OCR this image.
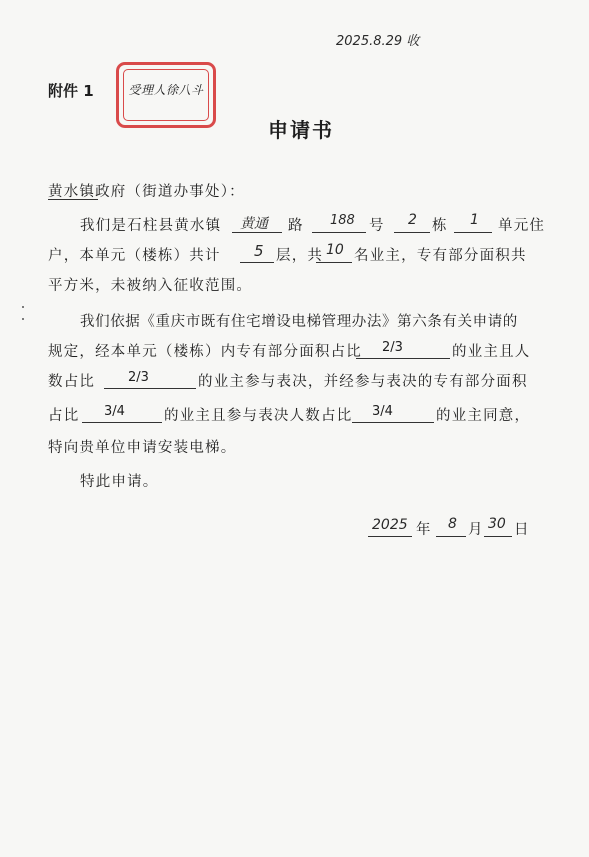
2025.8.29 收
附件 1	受理人徐八斗
申请书
黄水镇政府（街道办事处）：
我们是石柱县黄水镇 黄通 路 188 号 2 栋 1 单元住
户，本单元（楼栋）共计 5 层，共 10 名业主，专有部分面积共
平方米，未被纳入征收范围。
我们依据《重庆市既有住宅增设电梯管理办法》第六条有关申请的
规定，经本单元（楼栋）内专有部分面积占比 2/3	的业主且人
数占比	2/3	的业主参与表决，并经参与表决的专有部分面积
占比 3/4	的业主且参与表决人数占比 3/4	的业主同意，
特向贵单位申请安装电梯。
特此申请。
2025 年 8 月 30 日
